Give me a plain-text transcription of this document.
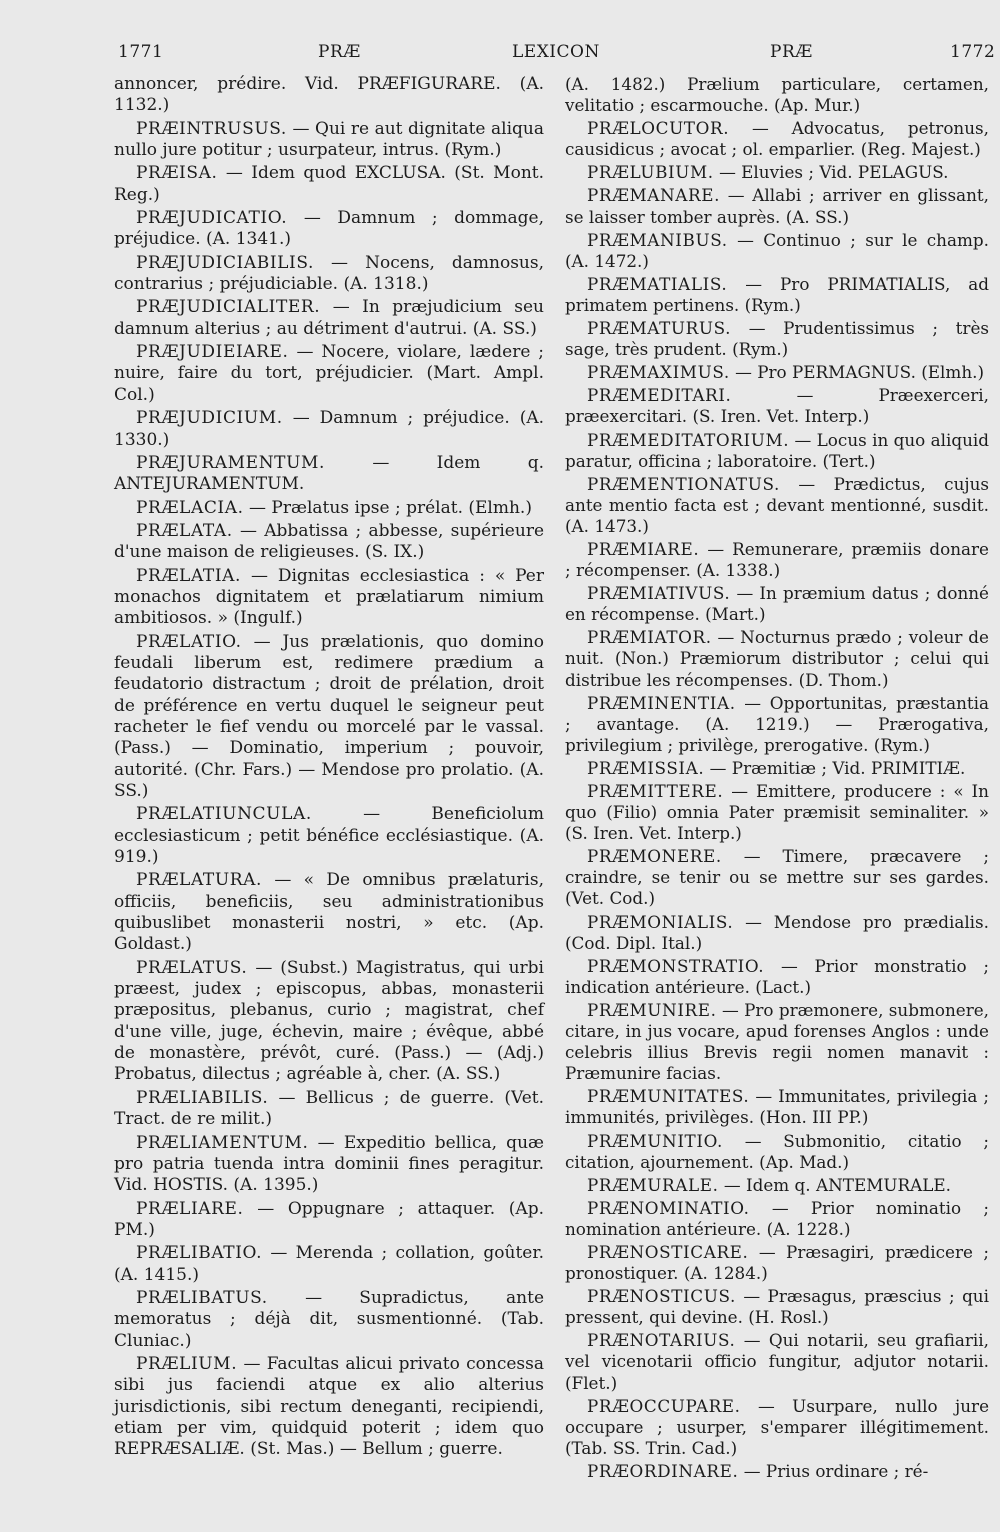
1771	PRÆ	LEXICON	PRÆ	1772

annoncer, prédire. Vid. PRÆFIGURARE. (A. 1132.)

PRÆINTRUSUS. — Qui re aut dignitate aliqua nullo jure potitur ; usurpateur, intrus. (Rym.)

PRÆISA. — Idem quod EXCLUSA. (St. Mont. Reg.)

PRÆJUDICATIO. — Damnum ; dommage, préjudice. (A. 1341.)

PRÆJUDICIABILIS. — Nocens, damnosus, contrarius ; préjudiciable. (A. 1318.)

PRÆJUDICIALITER. — In præjudicium seu damnum alterius ; au détriment d'autrui. (A. SS.)

PRÆJUDIEIARE. — Nocere, violare, lædere ; nuire, faire du tort, préjudicier. (Mart. Ampl. Col.)

PRÆJUDICIUM. — Damnum ; préjudice. (A. 1330.)

PRÆJURAMENTUM.	— Idem q. ANTEJURAMENTUM.

PRÆLACIA. — Prælatus ipse ; prélat. (Elmh.)

PRÆLATA. — Abbatissa ; abbesse, supérieure d'une maison de religieuses. (S. IX.)

PRÆLATIA. — Dignitas ecclesiastica : « Per monachos dignitatem et prælatiarum nimium ambitiosos. » (Ingulf.)

PRÆLATIO. — Jus prælationis, quo domino feudali liberum est, redimere prædium a feudatorio distractum ; droit de prélation, droit de préférence en vertu duquel le seigneur peut racheter le fief vendu ou morcelé par le vassal. (Pass.) — Dominatio, imperium ; pouvoir, autorité. (Chr. Fars.) — Mendose pro prolatio. (A. SS.)

PRÆLATIUNCULA.	— Beneficiolum ecclesiasticum ; petit bénéfice ecclésiastique. (A. 919.)

PRÆLATURA. — « De omnibus prælaturis, officiis, beneficiis, seu administrationibus quibuslibet monasterii nostri, » etc. (Ap. Goldast.)

PRÆLATUS. — (Subst.) Magistratus, qui urbi præest, judex ; episcopus, abbas, monasterii præpositus, plebanus, curio ; magistrat, chef d'une ville, juge, échevin, maire ; évêque, abbé de monastère, prévôt, curé. (Pass.) — (Adj.) Probatus, dilectus ; agréable à, cher. (A. SS.)

PRÆLIABILIS. — Bellicus ; de guerre. (Vet. Tract. de re milit.)

PRÆLIAMENTUM. — Expeditio bellica, quæ pro patria tuenda intra dominii fines peragitur. Vid. HOSTIS. (A. 1395.)

PRÆLIARE. — Oppugnare ; attaquer. (Ap. PM.)

PRÆLIBATIO. — Merenda ; collation, goûter. (A. 1415.)

PRÆLIBATUS. — Supradictus, ante memoratus ; déjà dit, susmentionné. (Tab. Cluniac.)

PRÆLIUM. — Facultas alicui privato concessa sibi jus faciendi atque ex alio alterius jurisdictionis, sibi rectum deneganti, recipiendi, etiam per vim, quidquid poterit ; idem quo REPRÆSALIÆ. (St. Mas.) — Bellum ; guerre.

(A. 1482.) Prælium particulare, certamen, velitatio ; escarmouche. (Ap. Mur.)

PRÆLOCUTOR. — Advocatus, petronus, causidicus ; avocat ; ol. emparlier. (Reg. Majest.)

PRÆLUBIUM. — Eluvies ; Vid. PELAGUS.

PRÆMANARE. — Allabi ; arriver en glissant, se laisser tomber auprès. (A. SS.)

PRÆMANIBUS. — Continuo ; sur le champ. (A. 1472.)

PRÆMATIALIS. — Pro PRIMATIALIS, ad primatem pertinens. (Rym.)

PRÆMATURUS. — Prudentissimus ; très sage, très prudent. (Rym.)

PRÆMAXIMUS. — Pro PERMAGNUS. (Elmh.)

PRÆMEDITARI.	— Præexerceri, præexercitari. (S. Iren. Vet. Interp.)

PRÆMEDITATORIUM. — Locus in quo aliquid paratur, officina ; laboratoire. (Tert.)

PRÆMENTIONATUS. — Prædictus, cujus ante mentio facta est ; devant mentionné, susdit. (A. 1473.)

PRÆMIARE. — Remunerare, præmiis donare ; récompenser. (A. 1338.)

PRÆMIATIVUS. — In præmium datus ; donné en récompense. (Mart.)

PRÆMIATOR. — Nocturnus prædo ; voleur de nuit. (Non.) Præmiorum distributor ; celui qui distribue les récompenses. (D. Thom.)

PRÆMINENTIA. — Opportunitas, præstantia ; avantage. (A. 1219.) — Prærogativa, privilegium ; privilège, prerogative. (Rym.)

PRÆMISSIA. — Præmitiæ ; Vid. PRIMITIÆ.

PRÆMITTERE. — Emittere, producere : « In quo (Filio) omnia Pater præmisit seminaliter. » (S. Iren. Vet. Interp.)

PRÆMONERE. — Timere, præcavere ; craindre, se tenir ou se mettre sur ses gardes. (Vet. Cod.)

PRÆMONIALIS. — Mendose pro prædialis. (Cod. Dipl. Ital.)

PRÆMONSTRATIO. — Prior monstratio ; indication antérieure. (Lact.)

PRÆMUNIRE. — Pro præmonere, submonere, citare, in jus vocare, apud forenses Anglos : unde celebris illius Brevis regii nomen manavit : Præmunire facias.

PRÆMUNITATES. — Immunitates, privilegia ; immunités, privilèges. (Hon. III PP.)

PRÆMUNITIO. — Submonitio, citatio ; citation, ajournement. (Ap. Mad.)

PRÆMURALE. — Idem q. ANTEMURALE.

PRÆNOMINATIO. — Prior nominatio ; nomination antérieure. (A. 1228.)

PRÆNOSTICARE. — Præsagiri, prædicere ; pronostiquer. (A. 1284.)

PRÆNOSTICUS. — Præsagus, præscius ; qui pressent, qui devine. (H. Rosl.)

PRÆNOTARIUS. — Qui notarii, seu grafiarii, vel vicenotarii officio fungitur, adjutor notarii. (Flet.)

PRÆOCCUPARE. — Usurpare, nullo jure occupare ; usurper, s'emparer illégitimement. (Tab. SS. Trin. Cad.)

PRÆORDINARE. — Prius ordinare ; ré-
